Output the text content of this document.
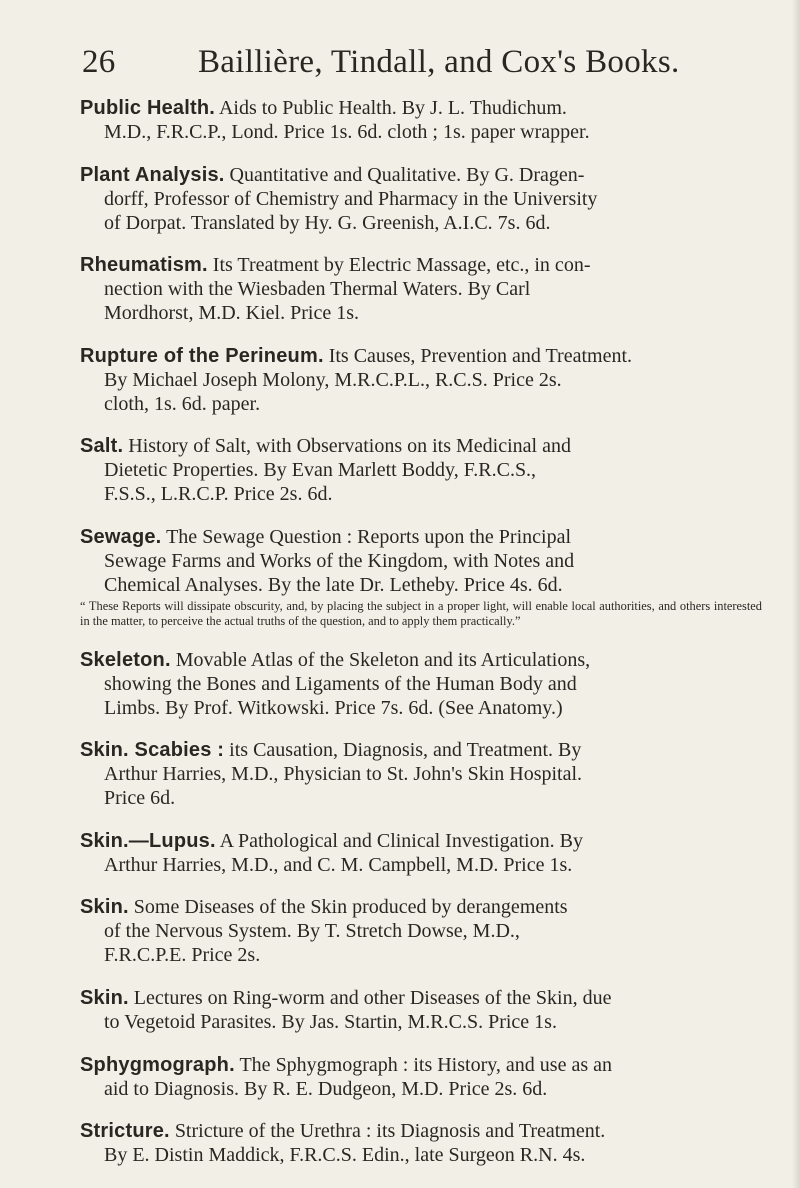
26 Baillière, Tindall, and Cox's Books.
Public Health. Aids to Public Health. By J. L. Thudichum.
M.D., F.R.C.P., Lond. Price 1s. 6d. cloth ; 1s. paper wrapper.
Plant Analysis. Quantitative and Qualitative. By G. Dragen-
dorff, Professor of Chemistry and Pharmacy in the University
of Dorpat. Translated by Hy. G. Greenish, A.I.C. 7s. 6d.
Rheumatism. Its Treatment by Electric Massage, etc., in con-
nection with the Wiesbaden Thermal Waters. By Carl
Mordhorst, M.D. Kiel. Price 1s.
Rupture of the Perineum. Its Causes, Prevention and Treatment.
By Michael Joseph Molony, M.R.C.P.L., R.C.S. Price 2s.
cloth, 1s. 6d. paper.
Salt. History of Salt, with Observations on its Medicinal and
Dietetic Properties. By Evan Marlett Boddy, F.R.C.S.,
F.S.S., L.R.C.P. Price 2s. 6d.
Sewage. The Sewage Question : Reports upon the Principal
Sewage Farms and Works of the Kingdom, with Notes and
Chemical Analyses. By the late Dr. Letheby. Price 4s. 6d.
“ These Reports will dissipate obscurity, and, by placing the subject in a proper light, will enable local authorities, and others interested in the matter, to perceive the actual truths of the question, and to apply them practically.”
Skeleton. Movable Atlas of the Skeleton and its Articulations,
showing the Bones and Ligaments of the Human Body and
Limbs. By Prof. Witkowski. Price 7s. 6d. (See Anatomy.)
Skin. Scabies : its Causation, Diagnosis, and Treatment. By
Arthur Harries, M.D., Physician to St. John's Skin Hospital.
Price 6d.
Skin.—Lupus. A Pathological and Clinical Investigation. By
Arthur Harries, M.D., and C. M. Campbell, M.D. Price 1s.
Skin. Some Diseases of the Skin produced by derangements
of the Nervous System. By T. Stretch Dowse, M.D.,
F.R.C.P.E. Price 2s.
Skin. Lectures on Ring-worm and other Diseases of the Skin, due
to Vegetoid Parasites. By Jas. Startin, M.R.C.S. Price 1s.
Sphygmograph. The Sphygmograph : its History, and use as an
aid to Diagnosis. By R. E. Dudgeon, M.D. Price 2s. 6d.
Stricture. Stricture of the Urethra : its Diagnosis and Treatment.
By E. Distin Maddick, F.R.C.S. Edin., late Surgeon R.N. 4s.
